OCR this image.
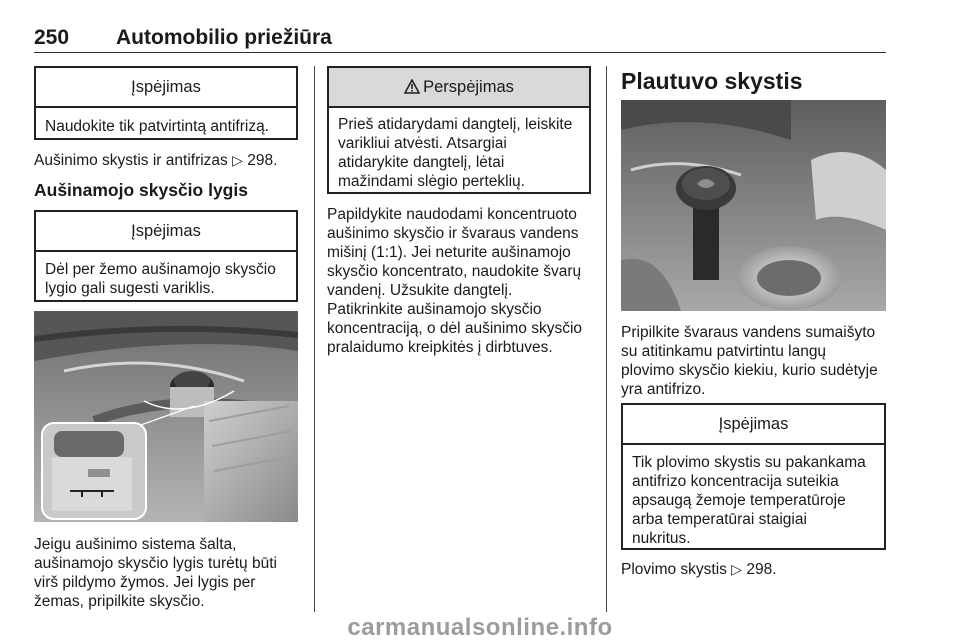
250 Automobilio priežiūra
Įspėjimas
Naudokite tik patvirtintą antifrizą.
Aušinimo skystis ir antifrizas ▷ 298.
Aušinamojo skysčio lygis
Įspėjimas
Dėl per žemo aušinamojo skysčio
lygio gali sugesti variklis.
Jeigu aušinimo sistema šalta,
aušinamojo skysčio lygis turėtų būti
virš pildymo žymos. Jei lygis per
žemas, pripilkite skysčio.
Perspėjimas
Prieš atidarydami dangtelį, leiskite
varikliui atvėsti. Atsargiai
atidarykite dangtelį, lėtai
mažindami slėgio perteklių.
Papildykite naudodami koncentruoto
aušinimo skysčio ir švaraus vandens
mišinį (1:1). Jei neturite aušinamojo
skysčio koncentrato, naudokite švarų
vandenį. Užsukite dangtelį.
Patikrinkite aušinamojo skysčio
koncentraciją, o dėl aušinimo skysčio
pralaidumo kreipkitės į dirbtuves.
Plautuvo skystis
Pripilkite švaraus vandens sumaišyto
su atitinkamu patvirtintu langų
plovimo skysčio kiekiu, kurio sudėtyje
yra antifrizo.
Įspėjimas
Tik plovimo skystis su pakankama
antifrizo koncentracija suteikia
apsaugą žemoje temperatūroje
arba temperatūrai staigiai
nukritus.
Plovimo skystis ▷ 298.
carmanualsonline.info
